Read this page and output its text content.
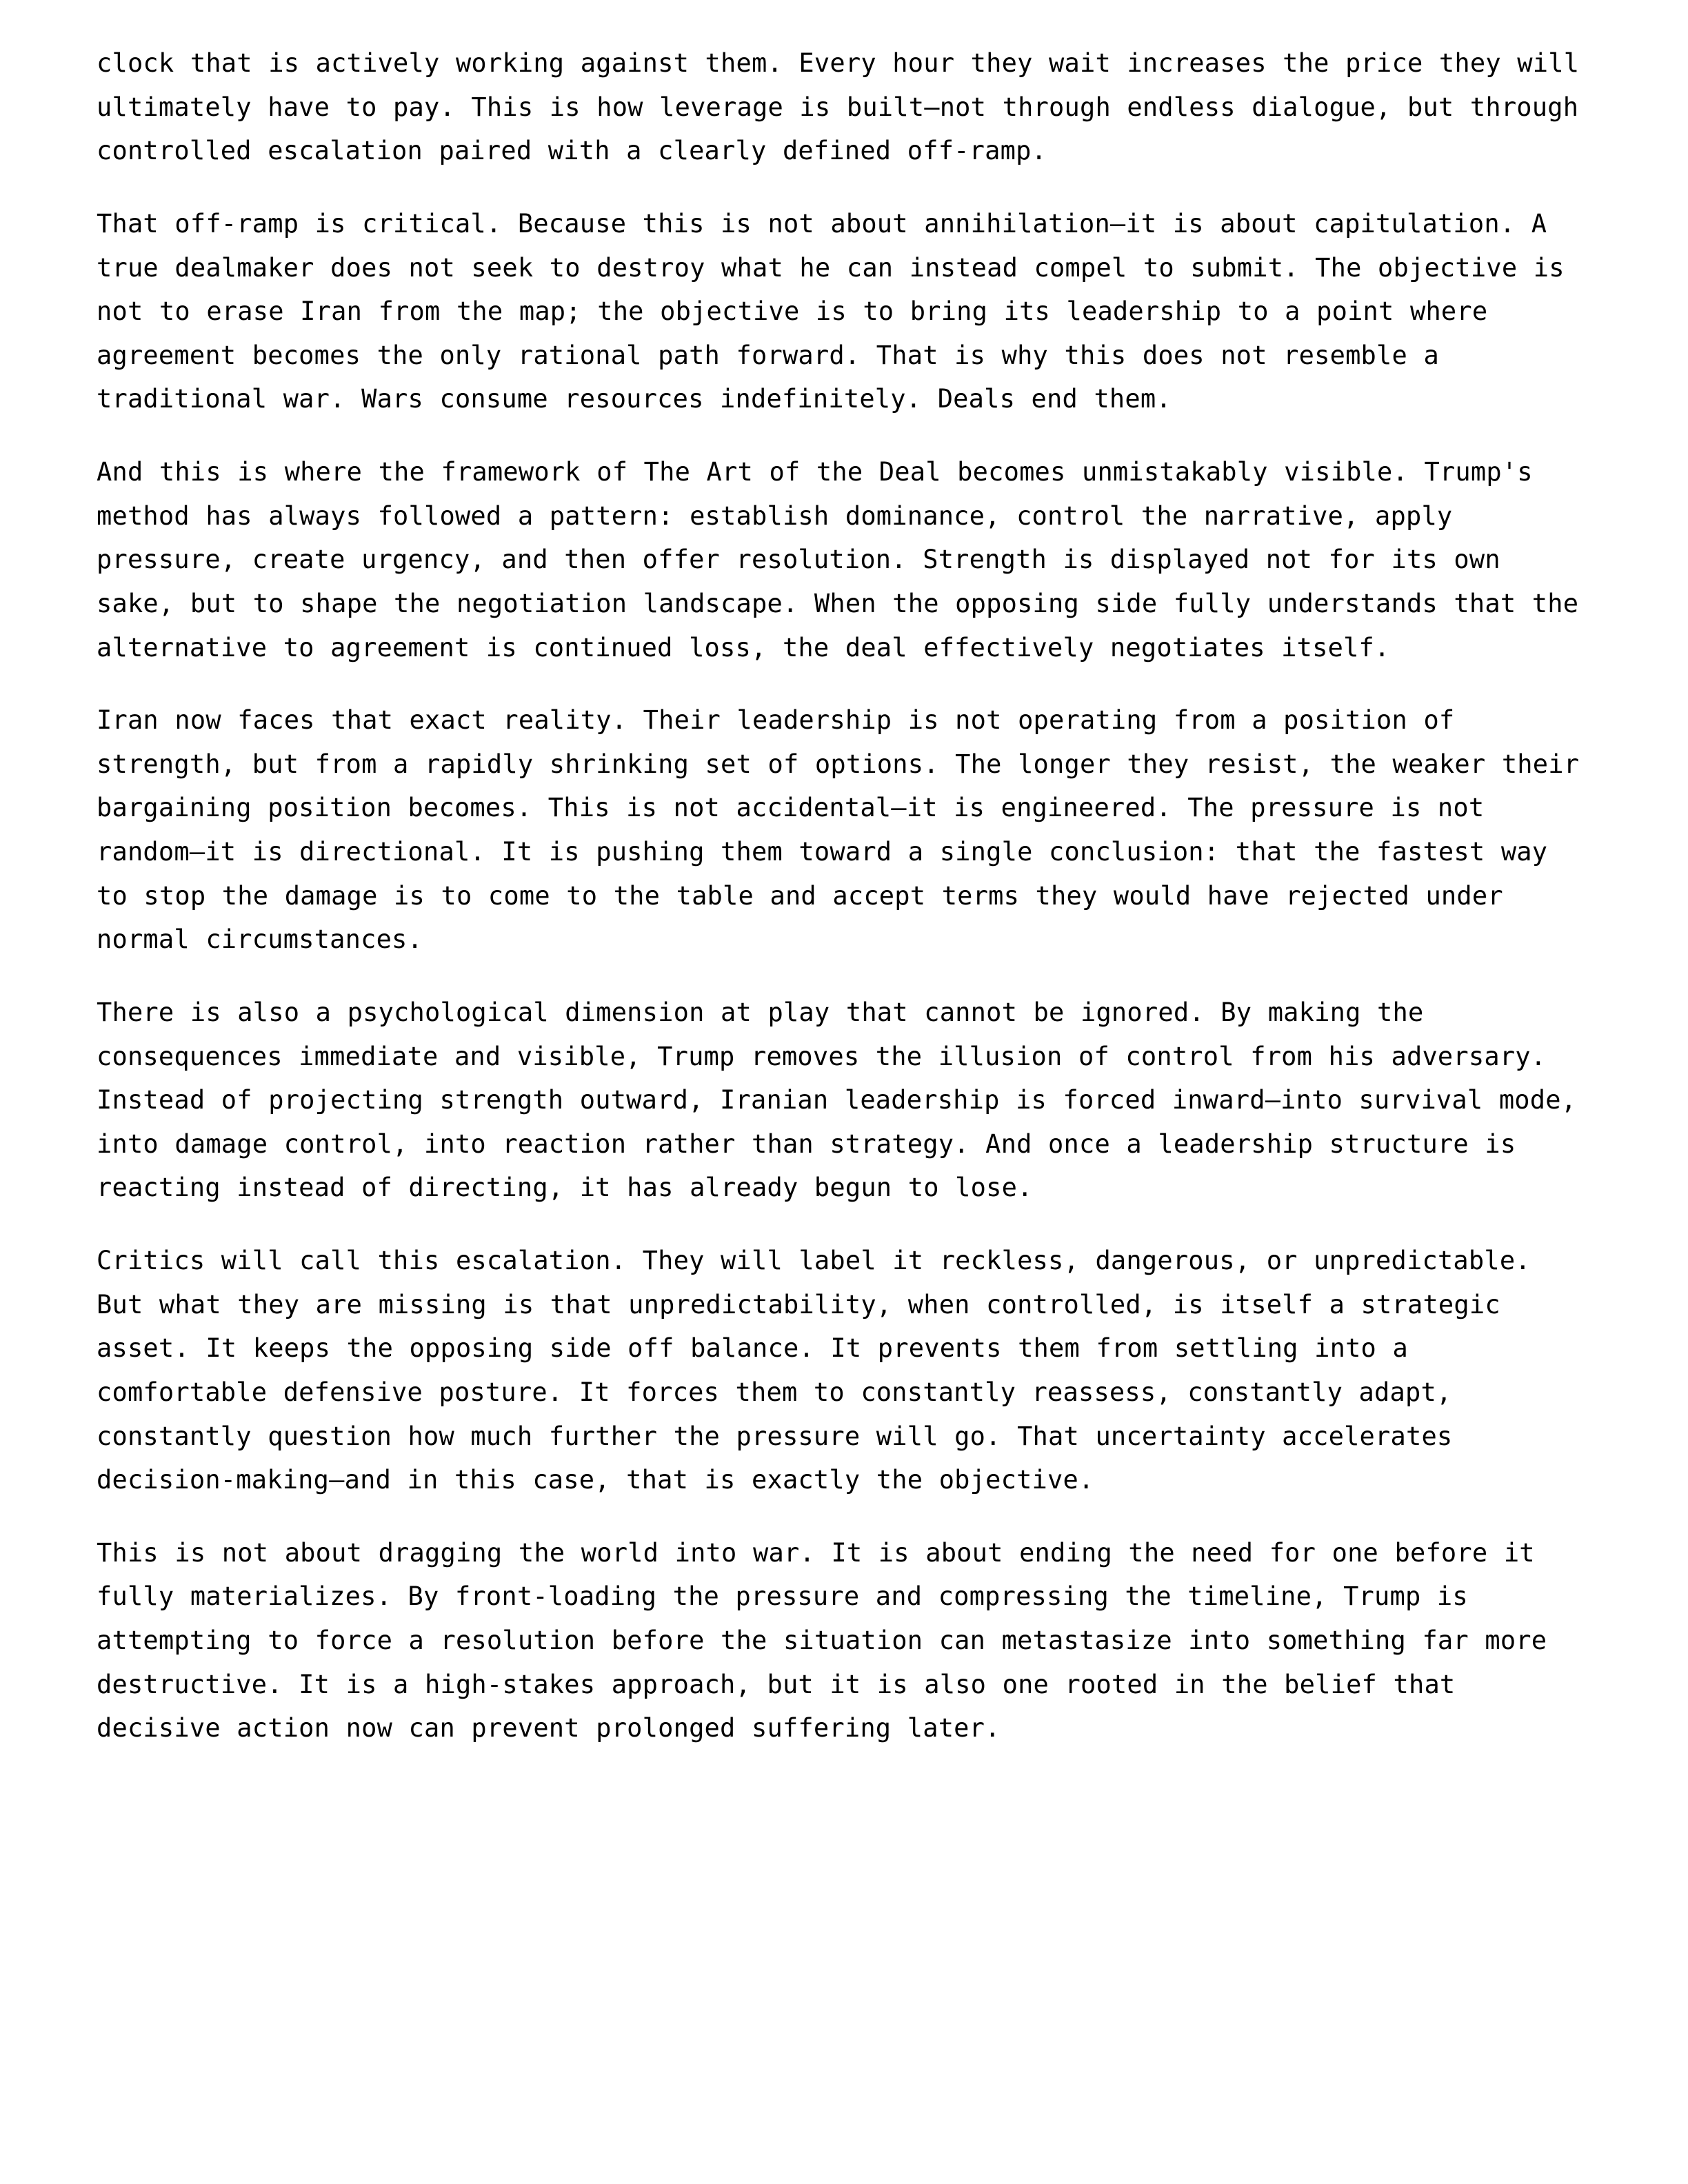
clock that is actively working against them. Every hour they wait increases the price they will ultimately have to pay. This is how leverage is built—not through endless dialogue, but through controlled escalation paired with a clearly defined off-ramp.

That off-ramp is critical. Because this is not about annihilation—it is about capitulation. A true dealmaker does not seek to destroy what he can instead compel to submit. The objective is not to erase Iran from the map; the objective is to bring its leadership to a point where agreement becomes the only rational path forward. That is why this does not resemble a traditional war. Wars consume resources indefinitely. Deals end them.

And this is where the framework of The Art of the Deal becomes unmistakably visible. Trump's method has always followed a pattern: establish dominance, control the narrative, apply pressure, create urgency, and then offer resolution. Strength is displayed not for its own sake, but to shape the negotiation landscape. When the opposing side fully understands that the alternative to agreement is continued loss, the deal effectively negotiates itself.

Iran now faces that exact reality. Their leadership is not operating from a position of strength, but from a rapidly shrinking set of options. The longer they resist, the weaker their bargaining position becomes. This is not accidental—it is engineered. The pressure is not random—it is directional. It is pushing them toward a single conclusion: that the fastest way to stop the damage is to come to the table and accept terms they would have rejected under normal circumstances.

There is also a psychological dimension at play that cannot be ignored. By making the consequences immediate and visible, Trump removes the illusion of control from his adversary. Instead of projecting strength outward, Iranian leadership is forced inward—into survival mode, into damage control, into reaction rather than strategy. And once a leadership structure is reacting instead of directing, it has already begun to lose.

Critics will call this escalation. They will label it reckless, dangerous, or unpredictable. But what they are missing is that unpredictability, when controlled, is itself a strategic asset. It keeps the opposing side off balance. It prevents them from settling into a comfortable defensive posture. It forces them to constantly reassess, constantly adapt, constantly question how much further the pressure will go. That uncertainty accelerates decision-making—and in this case, that is exactly the objective.

This is not about dragging the world into war. It is about ending the need for one before it fully materializes. By front-loading the pressure and compressing the timeline, Trump is attempting to force a resolution before the situation can metastasize into something far more destructive. It is a high-stakes approach, but it is also one rooted in the belief that decisive action now can prevent prolonged suffering later.
